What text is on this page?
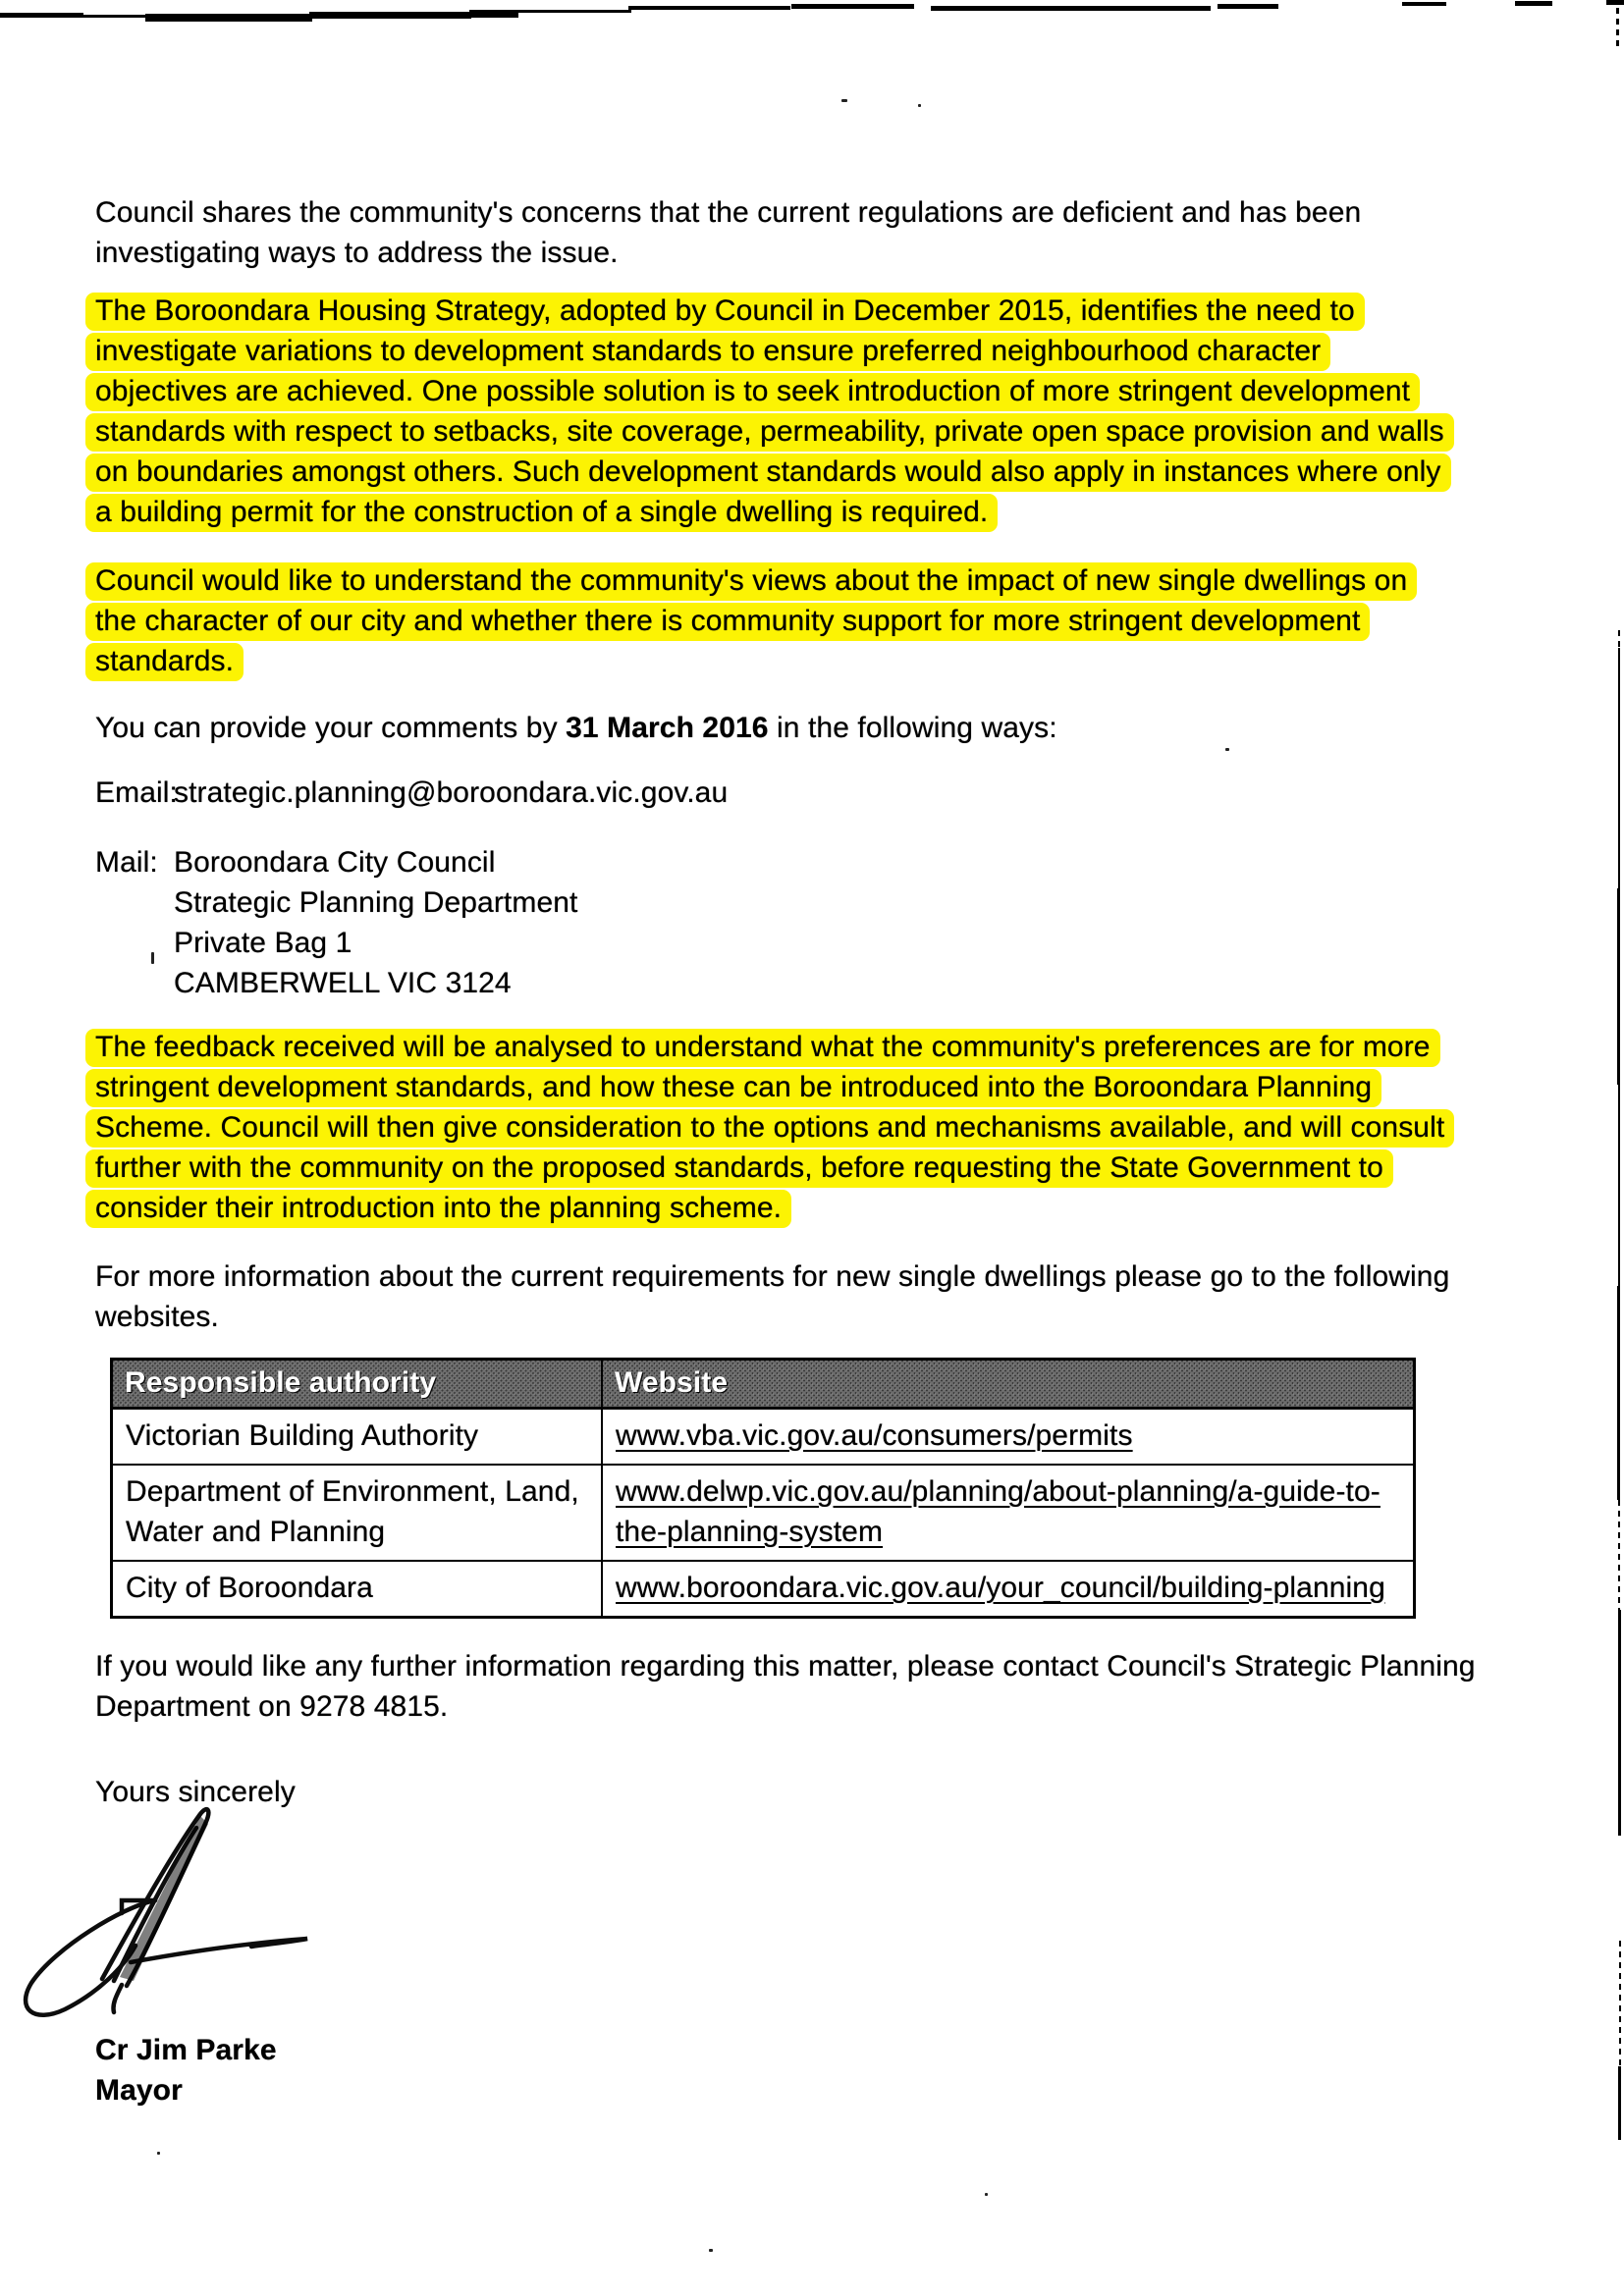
Council shares the community's concerns that the current regulations are deficient and has been investigating ways to address the issue.

The Boroondara Housing Strategy, adopted by Council in December 2015, identifies the need to investigate variations to development standards to ensure preferred neighbourhood character objectives are achieved. One possible solution is to seek introduction of more stringent development standards with respect to setbacks, site coverage, permeability, private open space provision and walls on boundaries amongst others. Such development standards would also apply in instances where only a building permit for the construction of a single dwelling is required.

Council would like to understand the community's views about the impact of new single dwellings on the character of our city and whether there is community support for more stringent development standards.

You can provide your comments by 31 March 2016 in the following ways:

Email:
strategic.planning@boroondara.vic.gov.au
Mail: Boroondara City Council
Strategic Planning Department
Private Bag 1
CAMBERWELL VIC 3124

The feedback received will be analysed to understand what the community's preferences are for more stringent development standards, and how these can be introduced into the Boroondara Planning Scheme. Council will then give consideration to the options and mechanisms available, and will consult further with the community on the proposed standards, before requesting the State Government to consider their introduction into the planning scheme.

For more information about the current requirements for new single dwellings please go to the following websites.

Responsible authority	Website
Victorian Building Authority	www.vba.vic.gov.au/consumers/permits
Department of Environment, Land, Water and Planning	www.delwp.vic.gov.au/planning/about-planning/a-guide-to-the-planning-system
City of Boroondara	www.boroondara.vic.gov.au/your_council/building-planning

If you would like any further information regarding this matter, please contact Council's Strategic Planning Department on 9278 4815.

Yours sincerely

Cr Jim Parke
Mayor
